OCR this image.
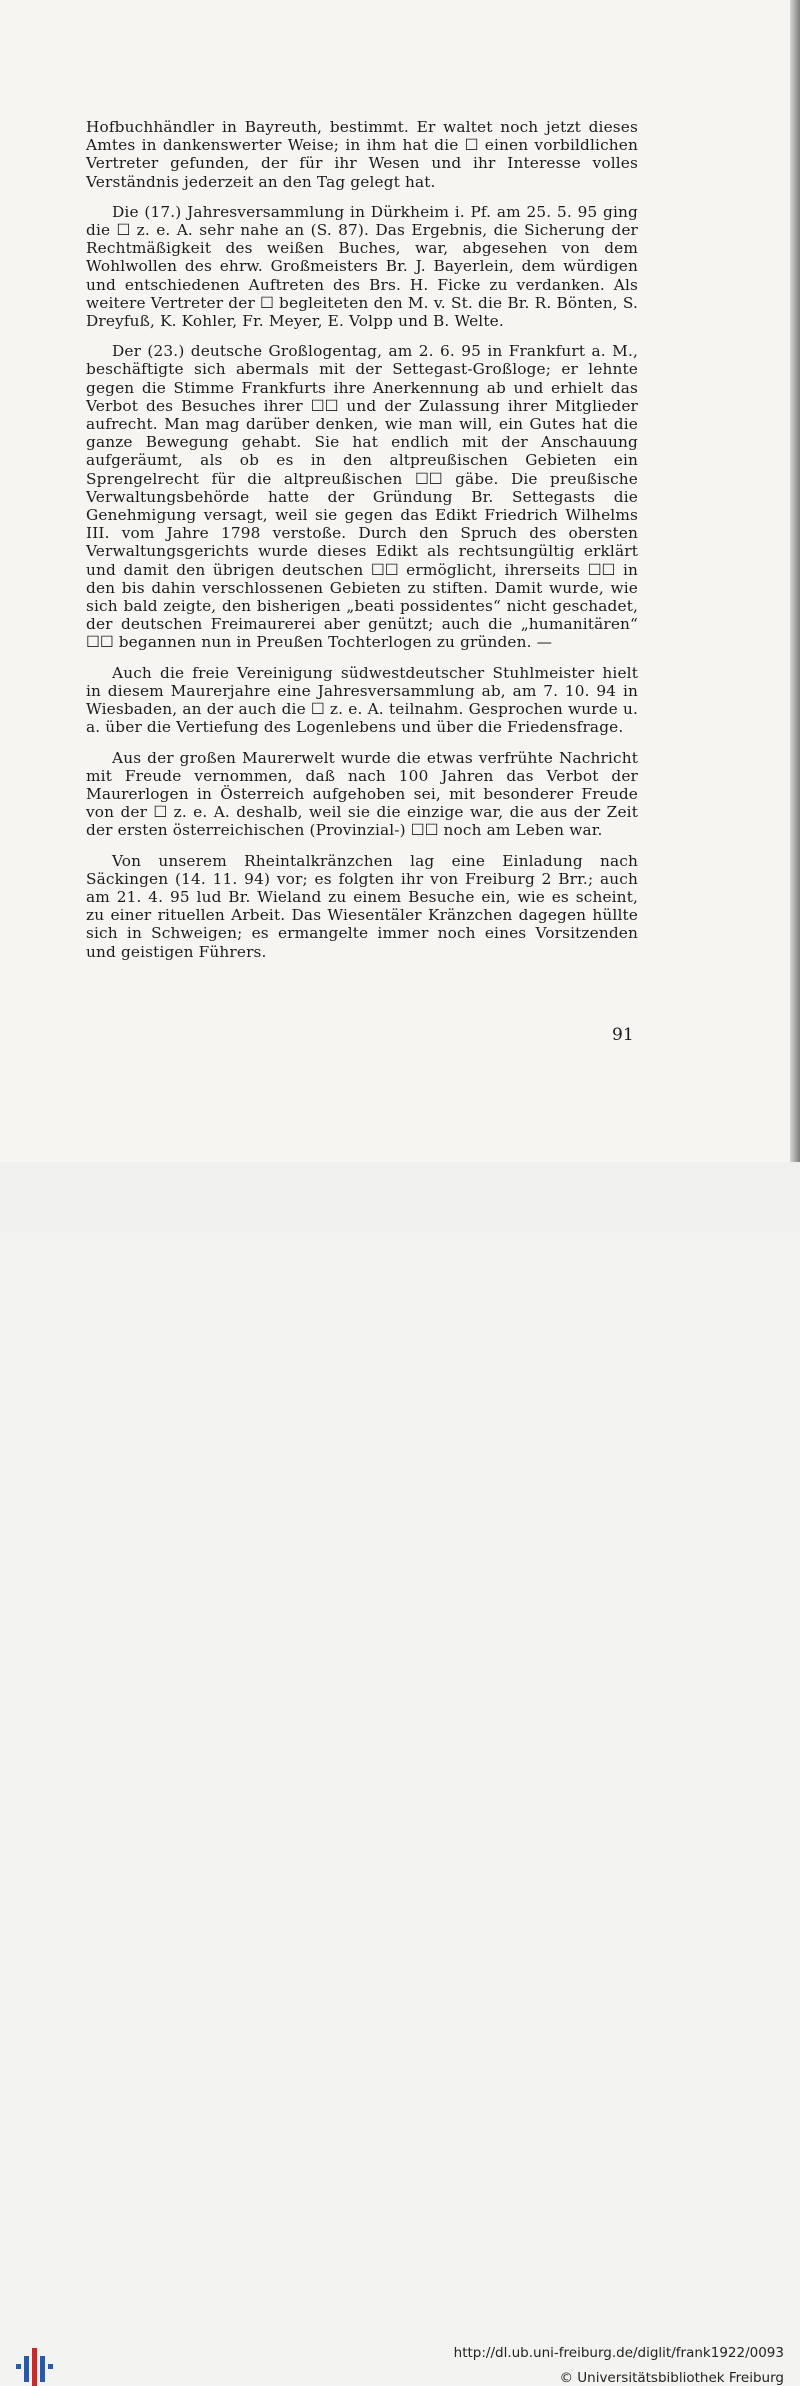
Hofbuchhändler in Bayreuth, bestimmt. Er waltet noch jetzt dieses Amtes in dankenswerter Weise; in ihm hat die ☐ einen vorbildlichen Vertreter gefunden, der für ihr Wesen und ihr Interesse volles Verständnis jederzeit an den Tag gelegt hat.

Die (17.) Jahresversammlung in Dürkheim i. Pf. am 25. 5. 95 ging die ☐ z. e. A. sehr nahe an (S. 87). Das Ergebnis, die Sicherung der Rechtmäßigkeit des weißen Buches, war, abgesehen von dem Wohlwollen des ehrw. Großmeisters Br. J. Bayerlein, dem würdigen und entschiedenen Auftreten des Brs. H. Ficke zu verdanken. Als weitere Vertreter der ☐ begleiteten den M. v. St. die Br. R. Bönten, S. Dreyfuß, K. Kohler, Fr. Meyer, E. Volpp und B. Welte.

Der (23.) deutsche Großlogentag, am 2. 6. 95 in Frankfurt a. M., beschäftigte sich abermals mit der Settegast-Großloge; er lehnte gegen die Stimme Frankfurts ihre Anerkennung ab und erhielt das Verbot des Besuches ihrer ☐☐ und der Zulassung ihrer Mitglieder aufrecht. Man mag darüber denken, wie man will, ein Gutes hat die ganze Bewegung gehabt. Sie hat endlich mit der Anschauung aufgeräumt, als ob es in den altpreußischen Gebieten ein Sprengelrecht für die altpreußischen ☐☐ gäbe. Die preußische Verwaltungsbehörde hatte der Gründung Br. Settegasts die Genehmigung versagt, weil sie gegen das Edikt Friedrich Wilhelms III. vom Jahre 1798 verstoße. Durch den Spruch des obersten Verwaltungsgerichts wurde dieses Edikt als rechtsungültig erklärt und damit den übrigen deutschen ☐☐ ermöglicht, ihrerseits ☐☐ in den bis dahin verschlossenen Gebieten zu stiften. Damit wurde, wie sich bald zeigte, den bisherigen „beati possidentes“ nicht geschadet, der deutschen Freimaurerei aber genützt; auch die „humanitären“ ☐☐ begannen nun in Preußen Tochterlogen zu gründen. —

Auch die freie Vereinigung südwestdeutscher Stuhlmeister hielt in diesem Maurerjahre eine Jahresversammlung ab, am 7. 10. 94 in Wiesbaden, an der auch die ☐ z. e. A. teilnahm. Gesprochen wurde u. a. über die Vertiefung des Logenlebens und über die Friedensfrage.

Aus der großen Maurerwelt wurde die etwas verfrühte Nachricht mit Freude vernommen, daß nach 100 Jahren das Verbot der Maurerlogen in Österreich aufgehoben sei, mit besonderer Freude von der ☐ z. e. A. deshalb, weil sie die einzige war, die aus der Zeit der ersten österreichischen (Provinzial-) ☐☐ noch am Leben war.

Von unserem Rheintalkränzchen lag eine Einladung nach Säckingen (14. 11. 94) vor; es folgten ihr von Freiburg 2 Brr.; auch am 21. 4. 95 lud Br. Wieland zu einem Besuche ein, wie es scheint, zu einer rituellen Arbeit. Das Wiesentäler Kränzchen dagegen hüllte sich in Schweigen; es ermangelte immer noch eines Vorsitzenden und geistigen Führers.

91
http://dl.ub.uni-freiburg.de/diglit/frank1922/0093
© Universitätsbibliothek Freiburg
